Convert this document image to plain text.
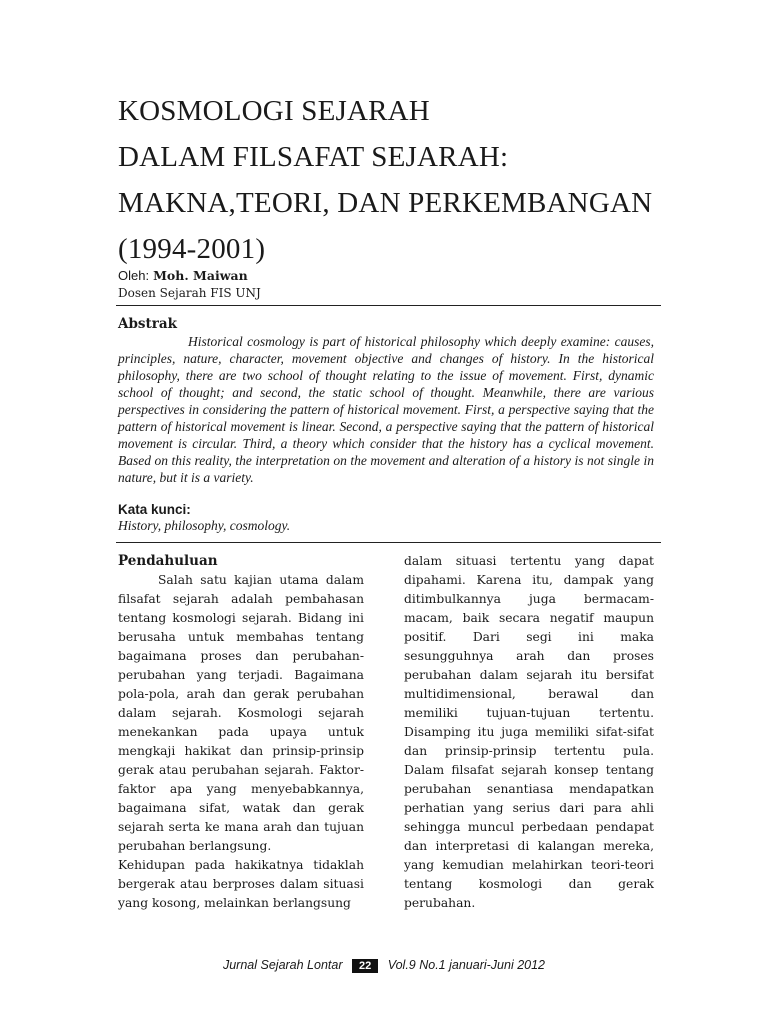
KOSMOLOGI SEJARAH
DALAM FILSAFAT SEJARAH:
MAKNA,TEORI, DAN PERKEMBANGAN
(1994-2001)
Oleh: Moh. Maiwan
Dosen Sejarah FIS UNJ
Abstrak

Historical cosmology is part of historical philosophy which deeply examine: causes, principles, nature, character, movement objective and changes of history. In the historical philosophy, there are two school of thought relating to the issue of movement. First, dynamic school of thought; and second, the static school of thought. Meanwhile, there are various perspectives in considering the pattern of historical movement. First, a perspective saying that the pattern of historical movement is linear. Second, a perspective saying that the pattern of historical movement is circular. Third, a theory which consider that the history has a cyclical movement. Based on this reality, the interpretation on the movement and alteration of a history is not single in nature, but it is a variety.

Kata kunci:
History, philosophy, cosmology.
Pendahuluan

Salah satu kajian utama dalam filsafat sejarah adalah pembahasan tentang kosmologi sejarah. Bidang ini berusaha untuk membahas tentang bagaimana proses dan perubahan-perubahan yang terjadi. Bagaimana pola-pola, arah dan gerak perubahan dalam sejarah. Kosmologi sejarah menekankan pada upaya untuk mengkaji hakikat dan prinsip-prinsip gerak atau perubahan sejarah. Faktor-faktor apa yang menyebabkannya, bagaimana sifat, watak dan gerak sejarah serta ke mana arah dan tujuan perubahan berlangsung.

Kehidupan pada hakikatnya tidaklah bergerak atau berproses dalam situasi yang kosong, melainkan berlangsung

dalam situasi tertentu yang dapat dipahami. Karena itu, dampak yang ditimbulkannya juga bermacam-macam, baik secara negatif maupun positif. Dari segi ini maka sesungguhnya arah dan proses perubahan dalam sejarah itu bersifat multidimensional, berawal dan memiliki tujuan-tujuan tertentu. Disamping itu juga memiliki sifat-sifat dan prinsip-prinsip tertentu pula. Dalam filsafat sejarah konsep tentang perubahan senantiasa mendapatkan perhatian yang serius dari para ahli sehingga muncul perbedaan pendapat dan interpretasi di kalangan mereka, yang kemudian melahirkan teori-teori tentang kosmologi dan gerak perubahan.

Jurnal Sejarah Lontar 22 Vol.9 No.1 januari-Juni 2012
